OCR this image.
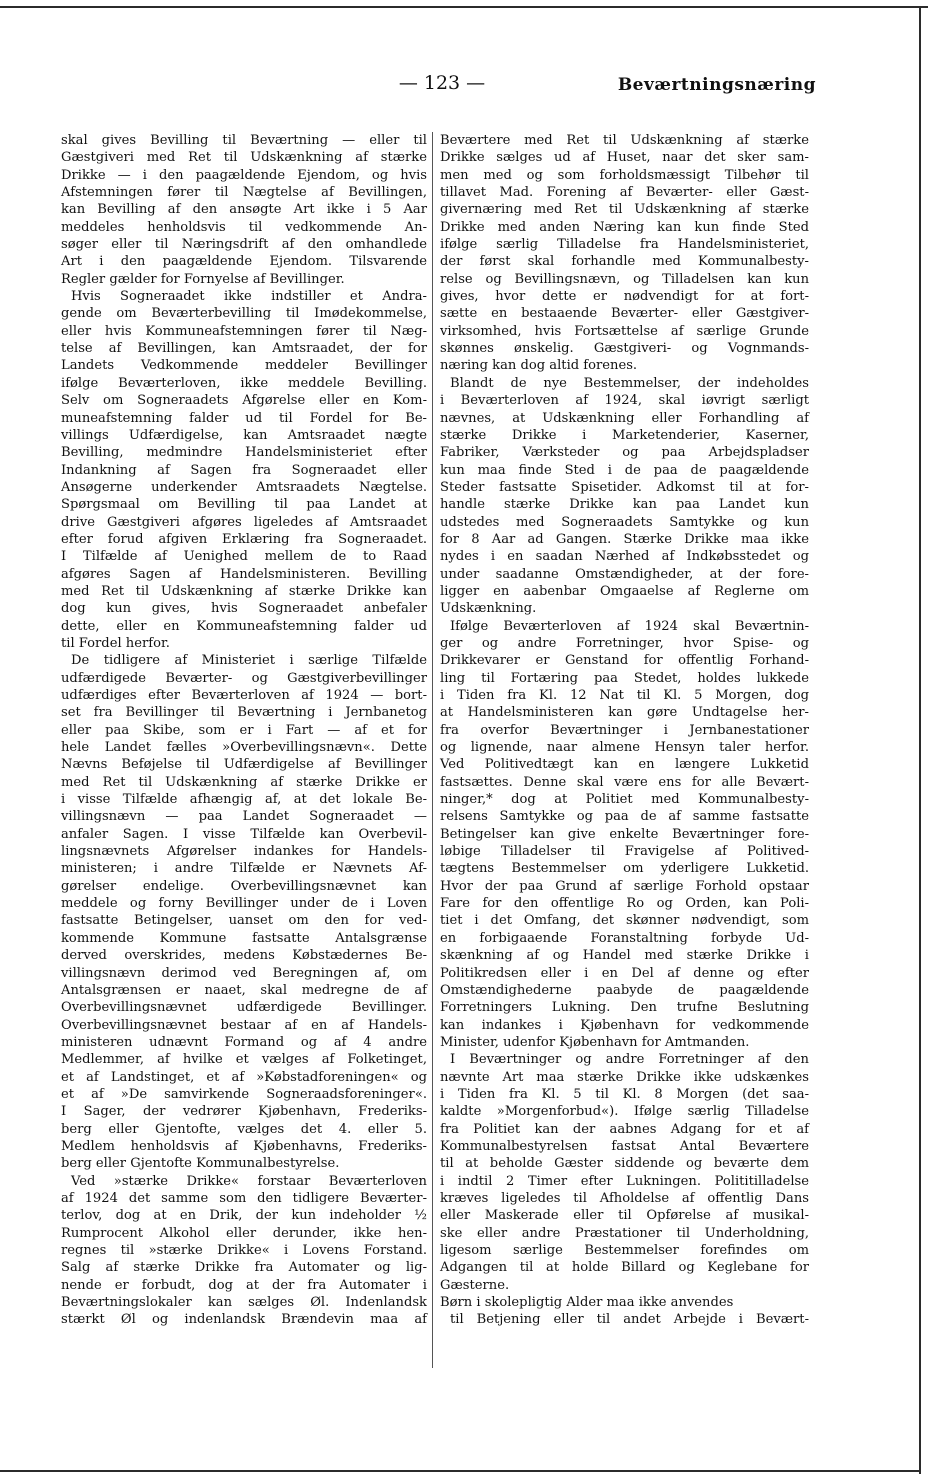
— 123 —	Beværtningsnæring
skal gives Bevilling til Beværtning — eller til
Gæstgiveri med Ret til Udskænkning af stærke
Drikke — i den paagældende Ejendom, og hvis
Afstemningen fører til Nægtelse af Bevillingen,
kan Bevilling af den ansøgte Art ikke i 5 Aar
meddeles henholdsvis til vedkommende An-
søger eller til Næringsdrift af den omhandlede
Art i den paagældende Ejendom. Tilsvarende
Regler gælder for Fornyelse af Bevillinger.
Hvis Sogneraadet ikke indstiller et Andra-
gende om Beværterbevilling til Imødekommelse,
eller hvis Kommuneafstemningen fører til Næg-
telse af Bevillingen, kan Amtsraadet, der for
Landets Vedkommende meddeler Bevillinger
ifølge Beværterloven, ikke meddele Bevilling.
Selv om Sogneraadets Afgørelse eller en Kom-
muneafstemning falder ud til Fordel for Be-
villings Udfærdigelse, kan Amtsraadet nægte
Bevilling, medmindre Handelsministeriet efter
Indankning af Sagen fra Sogneraadet eller
Ansøgerne underkender Amtsraadets Nægtelse.
Spørgsmaal om Bevilling til paa Landet at
drive Gæstgiveri afgøres ligeledes af Amtsraadet
efter forud afgiven Erklæring fra Sogneraadet.
I Tilfælde af Uenighed mellem de to Raad
afgøres Sagen af Handelsministeren. Bevilling
med Ret til Udskænkning af stærke Drikke kan
dog kun gives, hvis Sogneraadet anbefaler
dette, eller en Kommuneafstemning falder ud
til Fordel herfor.
De tidligere af Ministeriet i særlige Tilfælde
udfærdigede Beværter- og Gæstgiverbevillinger
udfærdiges efter Beværterloven af 1924 — bort-
set fra Bevillinger til Beværtning i Jernbanetog
eller paa Skibe, som er i Fart — af et for
hele Landet fælles »Overbevillingsnævn«. Dette
Nævns Beføjelse til Udfærdigelse af Bevillinger
med Ret til Udskænkning af stærke Drikke er
i visse Tilfælde afhængig af, at det lokale Be-
villingsnævn — paa Landet Sogneraadet —
anfaler Sagen. I visse Tilfælde kan Overbevil-
lingsnævnets Afgørelser indankes for Handels-
ministeren; i andre Tilfælde er Nævnets Af-
gørelser endelige. Overbevillingsnævnet kan
meddele og forny Bevillinger under de i Loven
fastsatte Betingelser, uanset om den for ved-
kommende Kommune fastsatte Antalsgrænse
derved overskrides, medens Købstædernes Be-
villingsnævn derimod ved Beregningen af, om
Antalsgrænsen er naaet, skal medregne de af
Overbevillingsnævnet udfærdigede Bevillinger.
Overbevillingsnævnet bestaar af en af Handels-
ministeren udnævnt Formand og af 4 andre
Medlemmer, af hvilke et vælges af Folketinget,
et af Landstinget, et af »Købstadforeningen« og
et af »De samvirkende Sogneraadsforeninger«.
I Sager, der vedrører Kjøbenhavn, Frederiks-
berg eller Gjentofte, vælges det 4. eller 5.
Medlem henholdsvis af Kjøbenhavns, Frederiks-
berg eller Gjentofte Kommunalbestyrelse.
Ved »stærke Drikke« forstaar Beværterloven
af 1924 det samme som den tidligere Beværter-
terlov, dog at en Drik, der kun indeholder ½
Rumprocent Alkohol eller derunder, ikke hen-
regnes til »stærke Drikke« i Lovens Forstand.
Salg af stærke Drikke fra Automater og lig-
nende er forbudt, dog at der fra Automater i
Beværtningslokaler kan sælges Øl. Indenlandsk
stærkt Øl og indenlandsk Brændevin maa af
Beværtere med Ret til Udskænkning af stærke
Drikke sælges ud af Huset, naar det sker sam-
men med og som forholdsmæssigt Tilbehør til
tillavet Mad. Forening af Beværter- eller Gæst-
givernæring med Ret til Udskænkning af stærke
Drikke med anden Næring kan kun finde Sted
ifølge særlig Tilladelse fra Handelsministeriet,
der først skal forhandle med Kommunalbesty-
relse og Bevillingsnævn, og Tilladelsen kan kun
gives, hvor dette er nødvendigt for at fort-
sætte en bestaaende Beværter- eller Gæstgiver-
virksomhed, hvis Fortsættelse af særlige Grunde
skønnes ønskelig. Gæstgiveri- og Vognmands-
næring kan dog altid forenes.
Blandt de nye Bestemmelser, der indeholdes
i Beværterloven af 1924, skal iøvrigt særligt
nævnes, at Udskænkning eller Forhandling af
stærke Drikke i Marketenderier, Kaserner,
Fabriker, Værksteder og paa Arbejdspladser
kun maa finde Sted i de paa de paagældende
Steder fastsatte Spisetider. Adkomst til at for-
handle stærke Drikke kan paa Landet kun
udstedes med Sogneraadets Samtykke og kun
for 8 Aar ad Gangen. Stærke Drikke maa ikke
nydes i en saadan Nærhed af Indkøbsstedet og
under saadanne Omstændigheder, at der fore-
ligger en aabenbar Omgaaelse af Reglerne om
Udskænkning.
Ifølge Beværterloven af 1924 skal Beværtnin-
ger og andre Forretninger, hvor Spise- og
Drikkevarer er Genstand for offentlig Forhand-
ling til Fortæring paa Stedet, holdes lukkede
i Tiden fra Kl. 12 Nat til Kl. 5 Morgen, dog
at Handelsministeren kan gøre Undtagelse her-
fra overfor Beværtninger i Jernbanestationer
og lignende, naar almene Hensyn taler herfor.
Ved Politivedtægt kan en længere Lukketid
fastsættes. Denne skal være ens for alle Bevært-
ninger,* dog at Politiet med Kommunalbesty-
relsens Samtykke og paa de af samme fastsatte
Betingelser kan give enkelte Beværtninger fore-
løbige Tilladelser til Fravigelse af Politived-
tægtens Bestemmelser om yderligere Lukketid.
Hvor der paa Grund af særlige Forhold opstaar
Fare for den offentlige Ro og Orden, kan Poli-
tiet i det Omfang, det skønner nødvendigt, som
en forbigaaende Foranstaltning forbyde Ud-
skænkning af og Handel med stærke Drikke i
Politikredsen eller i en Del af denne og efter
Omstændighederne paabyde de paagældende
Forretningers Lukning. Den trufne Beslutning
kan indankes i Kjøbenhavn for vedkommende
Minister, udenfor Kjøbenhavn for Amtmanden.
I Beværtninger og andre Forretninger af den
nævnte Art maa stærke Drikke ikke udskænkes
i Tiden fra Kl. 5 til Kl. 8 Morgen (det saa-
kaldte »Morgenforbud«). Ifølge særlig Tilladelse
fra Politiet kan der aabnes Adgang for et af
Kommunalbestyrelsen fastsat Antal Beværtere
til at beholde Gæster siddende og beværte dem
i indtil 2 Timer efter Lukningen. Polititilladelse
kræves ligeledes til Afholdelse af offentlig Dans
eller Maskerade eller til Opførelse af musikal-
ske eller andre Præstationer til Underholdning,
ligesom særlige Bestemmelser forefindes om
Adgangen til at holde Billard og Keglebane for
Gæsterne.
Børn i skolepligtig Alder maa ikke anvendes
til Betjening eller til andet Arbejde i Bevært-
